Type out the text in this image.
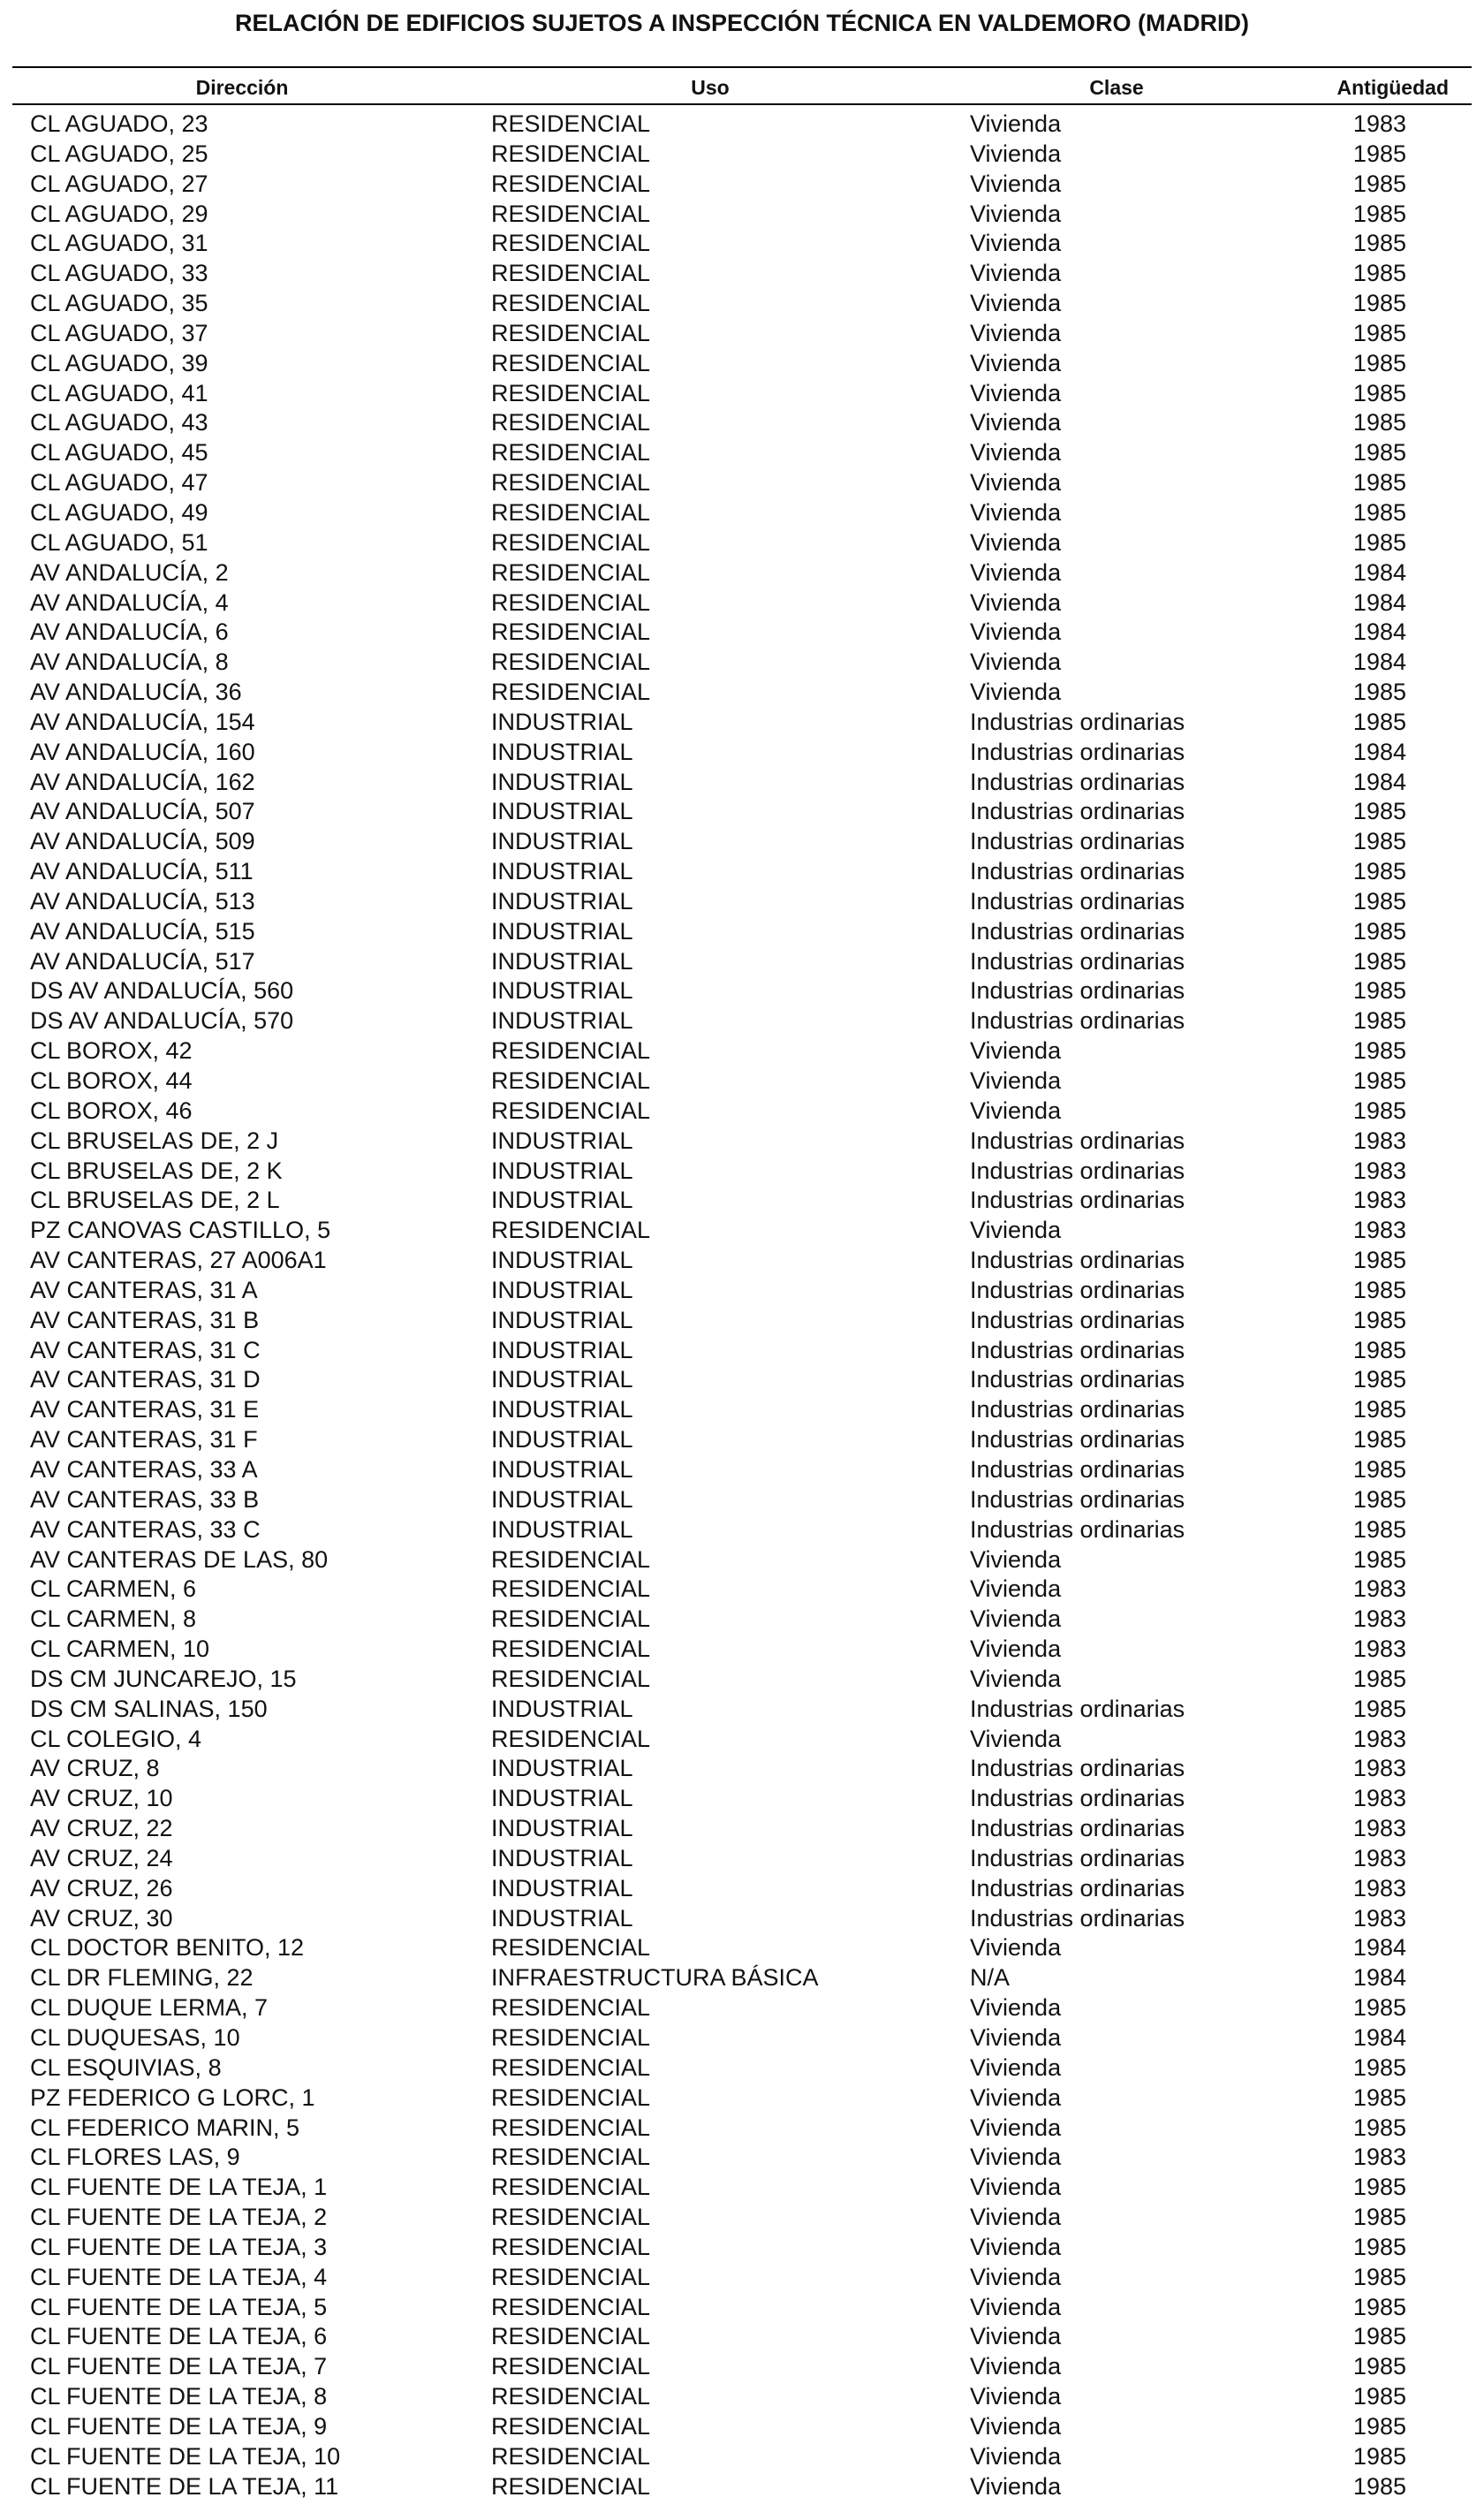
RELACIÓN DE EDIFICIOS SUJETOS A INSPECCIÓN TÉCNICA EN VALDEMORO (MADRID)
Dirección	Uso	Clase	Antigüedad
CL AGUADO, 23	RESIDENCIAL	Vivienda	1983
CL AGUADO, 25	RESIDENCIAL	Vivienda	1985
CL AGUADO, 27	RESIDENCIAL	Vivienda	1985
CL AGUADO, 29	RESIDENCIAL	Vivienda	1985
CL AGUADO, 31	RESIDENCIAL	Vivienda	1985
CL AGUADO, 33	RESIDENCIAL	Vivienda	1985
CL AGUADO, 35	RESIDENCIAL	Vivienda	1985
CL AGUADO, 37	RESIDENCIAL	Vivienda	1985
CL AGUADO, 39	RESIDENCIAL	Vivienda	1985
CL AGUADO, 41	RESIDENCIAL	Vivienda	1985
CL AGUADO, 43	RESIDENCIAL	Vivienda	1985
CL AGUADO, 45	RESIDENCIAL	Vivienda	1985
CL AGUADO, 47	RESIDENCIAL	Vivienda	1985
CL AGUADO, 49	RESIDENCIAL	Vivienda	1985
CL AGUADO, 51	RESIDENCIAL	Vivienda	1985
AV ANDALUCÍA, 2	RESIDENCIAL	Vivienda	1984
AV ANDALUCÍA, 4	RESIDENCIAL	Vivienda	1984
AV ANDALUCÍA, 6	RESIDENCIAL	Vivienda	1984
AV ANDALUCÍA, 8	RESIDENCIAL	Vivienda	1984
AV ANDALUCÍA, 36	RESIDENCIAL	Vivienda	1985
AV ANDALUCÍA, 154	INDUSTRIAL	Industrias ordinarias	1985
AV ANDALUCÍA, 160	INDUSTRIAL	Industrias ordinarias	1984
AV ANDALUCÍA, 162	INDUSTRIAL	Industrias ordinarias	1984
AV ANDALUCÍA, 507	INDUSTRIAL	Industrias ordinarias	1985
AV ANDALUCÍA, 509	INDUSTRIAL	Industrias ordinarias	1985
AV ANDALUCÍA, 511	INDUSTRIAL	Industrias ordinarias	1985
AV ANDALUCÍA, 513	INDUSTRIAL	Industrias ordinarias	1985
AV ANDALUCÍA, 515	INDUSTRIAL	Industrias ordinarias	1985
AV ANDALUCÍA, 517	INDUSTRIAL	Industrias ordinarias	1985
DS AV ANDALUCÍA, 560	INDUSTRIAL	Industrias ordinarias	1985
DS AV ANDALUCÍA, 570	INDUSTRIAL	Industrias ordinarias	1985
CL BOROX, 42	RESIDENCIAL	Vivienda	1985
CL BOROX, 44	RESIDENCIAL	Vivienda	1985
CL BOROX, 46	RESIDENCIAL	Vivienda	1985
CL BRUSELAS DE, 2 J	INDUSTRIAL	Industrias ordinarias	1983
CL BRUSELAS DE, 2 K	INDUSTRIAL	Industrias ordinarias	1983
CL BRUSELAS DE, 2 L	INDUSTRIAL	Industrias ordinarias	1983
PZ CANOVAS CASTILLO, 5	RESIDENCIAL	Vivienda	1983
AV CANTERAS, 27 A006A1	INDUSTRIAL	Industrias ordinarias	1985
AV CANTERAS, 31 A	INDUSTRIAL	Industrias ordinarias	1985
AV CANTERAS, 31 B	INDUSTRIAL	Industrias ordinarias	1985
AV CANTERAS, 31 C	INDUSTRIAL	Industrias ordinarias	1985
AV CANTERAS, 31 D	INDUSTRIAL	Industrias ordinarias	1985
AV CANTERAS, 31 E	INDUSTRIAL	Industrias ordinarias	1985
AV CANTERAS, 31 F	INDUSTRIAL	Industrias ordinarias	1985
AV CANTERAS, 33 A	INDUSTRIAL	Industrias ordinarias	1985
AV CANTERAS, 33 B	INDUSTRIAL	Industrias ordinarias	1985
AV CANTERAS, 33 C	INDUSTRIAL	Industrias ordinarias	1985
AV CANTERAS DE LAS, 80	RESIDENCIAL	Vivienda	1985
CL CARMEN, 6	RESIDENCIAL	Vivienda	1983
CL CARMEN, 8	RESIDENCIAL	Vivienda	1983
CL CARMEN, 10	RESIDENCIAL	Vivienda	1983
DS CM JUNCAREJO, 15	RESIDENCIAL	Vivienda	1985
DS CM SALINAS, 150	INDUSTRIAL	Industrias ordinarias	1985
CL COLEGIO, 4	RESIDENCIAL	Vivienda	1983
AV CRUZ, 8	INDUSTRIAL	Industrias ordinarias	1983
AV CRUZ, 10	INDUSTRIAL	Industrias ordinarias	1983
AV CRUZ, 22	INDUSTRIAL	Industrias ordinarias	1983
AV CRUZ, 24	INDUSTRIAL	Industrias ordinarias	1983
AV CRUZ, 26	INDUSTRIAL	Industrias ordinarias	1983
AV CRUZ, 30	INDUSTRIAL	Industrias ordinarias	1983
CL DOCTOR BENITO, 12	RESIDENCIAL	Vivienda	1984
CL DR FLEMING, 22	INFRAESTRUCTURA BÁSICA	N/A	1984
CL DUQUE LERMA, 7	RESIDENCIAL	Vivienda	1985
CL DUQUESAS, 10	RESIDENCIAL	Vivienda	1984
CL ESQUIVIAS, 8	RESIDENCIAL	Vivienda	1985
PZ FEDERICO G LORC, 1	RESIDENCIAL	Vivienda	1985
CL FEDERICO MARIN, 5	RESIDENCIAL	Vivienda	1985
CL FLORES LAS, 9	RESIDENCIAL	Vivienda	1983
CL FUENTE DE LA TEJA, 1	RESIDENCIAL	Vivienda	1985
CL FUENTE DE LA TEJA, 2	RESIDENCIAL	Vivienda	1985
CL FUENTE DE LA TEJA, 3	RESIDENCIAL	Vivienda	1985
CL FUENTE DE LA TEJA, 4	RESIDENCIAL	Vivienda	1985
CL FUENTE DE LA TEJA, 5	RESIDENCIAL	Vivienda	1985
CL FUENTE DE LA TEJA, 6	RESIDENCIAL	Vivienda	1985
CL FUENTE DE LA TEJA, 7	RESIDENCIAL	Vivienda	1985
CL FUENTE DE LA TEJA, 8	RESIDENCIAL	Vivienda	1985
CL FUENTE DE LA TEJA, 9	RESIDENCIAL	Vivienda	1985
CL FUENTE DE LA TEJA, 10	RESIDENCIAL	Vivienda	1985
CL FUENTE DE LA TEJA, 11	RESIDENCIAL	Vivienda	1985
